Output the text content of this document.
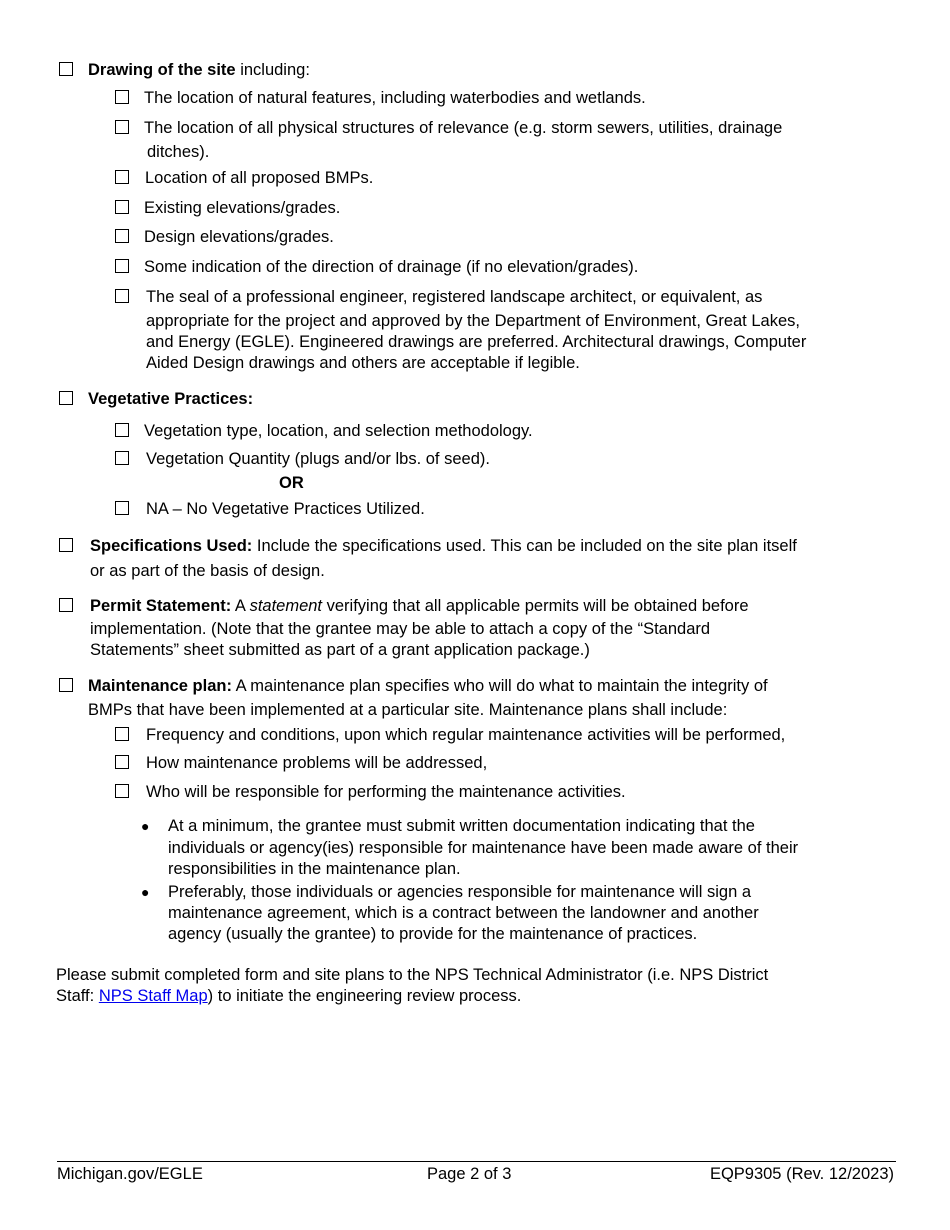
Drawing of the site including:
The location of natural features, including waterbodies and wetlands.
The location of all physical structures of relevance (e.g. storm sewers, utilities, drainage
ditches).
Location of all proposed BMPs.
Existing elevations/grades.
Design elevations/grades.
Some indication of the direction of drainage (if no elevation/grades).
The seal of a professional engineer, registered landscape architect, or equivalent, as
appropriate for the project and approved by the Department of Environment, Great Lakes,
and Energy (EGLE). Engineered drawings are preferred. Architectural drawings, Computer
Aided Design drawings and others are acceptable if legible.
Vegetative Practices:
Vegetation type, location, and selection methodology.
Vegetation Quantity (plugs and/or lbs. of seed).
OR
NA – No Vegetative Practices Utilized.
Specifications Used: Include the specifications used. This can be included on the site plan itself
or as part of the basis of design.
Permit Statement: A statement verifying that all applicable permits will be obtained before
implementation. (Note that the grantee may be able to attach a copy of the “Standard
Statements” sheet submitted as part of a grant application package.)
Maintenance plan: A maintenance plan specifies who will do what to maintain the integrity of
BMPs that have been implemented at a particular site. Maintenance plans shall include:
Frequency and conditions, upon which regular maintenance activities will be performed,
How maintenance problems will be addressed,
Who will be responsible for performing the maintenance activities.
● At a minimum, the grantee must submit written documentation indicating that the
individuals or agency(ies) responsible for maintenance have been made aware of their
responsibilities in the maintenance plan.
● Preferably, those individuals or agencies responsible for maintenance will sign a
maintenance agreement, which is a contract between the landowner and another
agency (usually the grantee) to provide for the maintenance of practices.
Please submit completed form and site plans to the NPS Technical Administrator (i.e. NPS District
Staff: NPS Staff Map) to initiate the engineering review process.
Michigan.gov/EGLE	Page 2 of 3	EQP9305 (Rev. 12/2023)
